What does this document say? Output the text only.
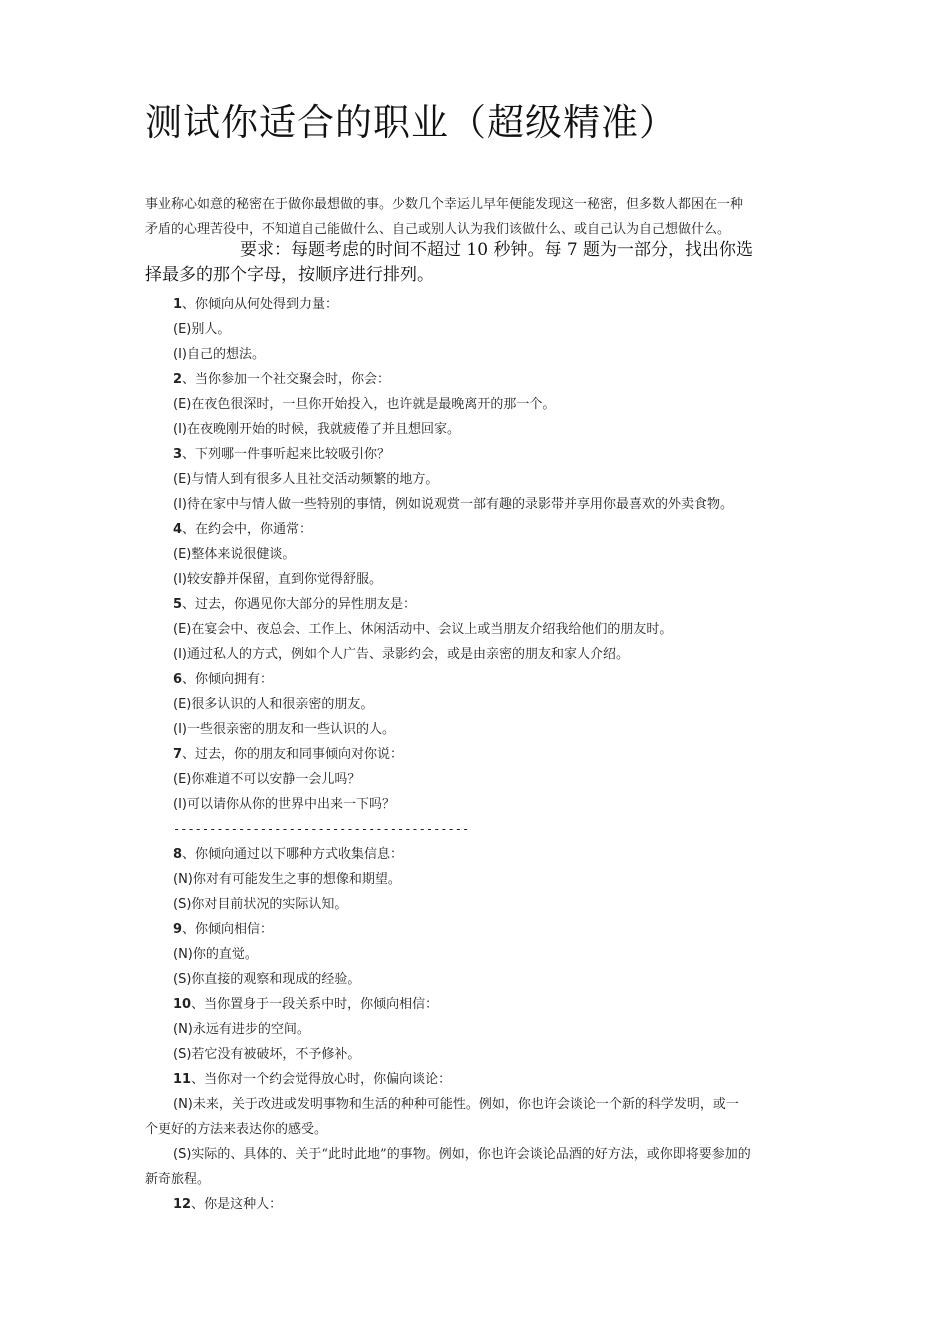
测试你适合的职业（超级精准）

事业称心如意的秘密在于做你最想做的事。少数几个幸运儿早年便能发现这一秘密，但多数人都困在一种

矛盾的心理苦役中，不知道自己能做什么、自己或别人认为我们该做什么、或自己认为自己想做什么。

要求：每题考虑的时间不超过 10 秒钟。每 7 题为一部分，找出你选

择最多的那个字母，按顺序进行排列。

1、你倾向从何处得到力量：
(E)别人。
(I)自己的想法。
2、当你参加一个社交聚会时，你会：
(E)在夜色很深时，一旦你开始投入，也许就是最晚离开的那一个。
(I)在夜晚刚开始的时候，我就疲倦了并且想回家。
3、下列哪一件事听起来比较吸引你？
(E)与情人到有很多人且社交活动频繁的地方。
(I)待在家中与情人做一些特别的事情，例如说观赏一部有趣的录影带并享用你最喜欢的外卖食物。
4、在约会中，你通常：
(E)整体来说很健谈。
(I)较安静并保留，直到你觉得舒服。
5、过去，你遇见你大部分的异性朋友是：
(E)在宴会中、夜总会、工作上、休闲活动中、会议上或当朋友介绍我给他们的朋友时。
(I)通过私人的方式，例如个人广告、录影约会，或是由亲密的朋友和家人介绍。
6、你倾向拥有：
(E)很多认识的人和很亲密的朋友。
(I)一些很亲密的朋友和一些认识的人。
7、过去，你的朋友和同事倾向对你说：
(E)你难道不可以安静一会儿吗？
(I)可以请你从你的世界中出来一下吗？
-----------------------------------------
8、你倾向通过以下哪种方式收集信息：
(N)你对有可能发生之事的想像和期望。
(S)你对目前状况的实际认知。
9、你倾向相信：
(N)你的直觉。
(S)你直接的观察和现成的经验。
10、当你置身于一段关系中时，你倾向相信：
(N)永远有进步的空间。
(S)若它没有被破坏，不予修补。
11、当你对一个约会觉得放心时，你偏向谈论：
(N)未来，关于改进或发明事物和生活的种种可能性。例如，你也许会谈论一个新的科学发明，或一
个更好的方法来表达你的感受。
(S)实际的、具体的、关于“此时此地”的事物。例如，你也许会谈论品酒的好方法，或你即将要参加的
新奇旅程。
12、你是这种人：
